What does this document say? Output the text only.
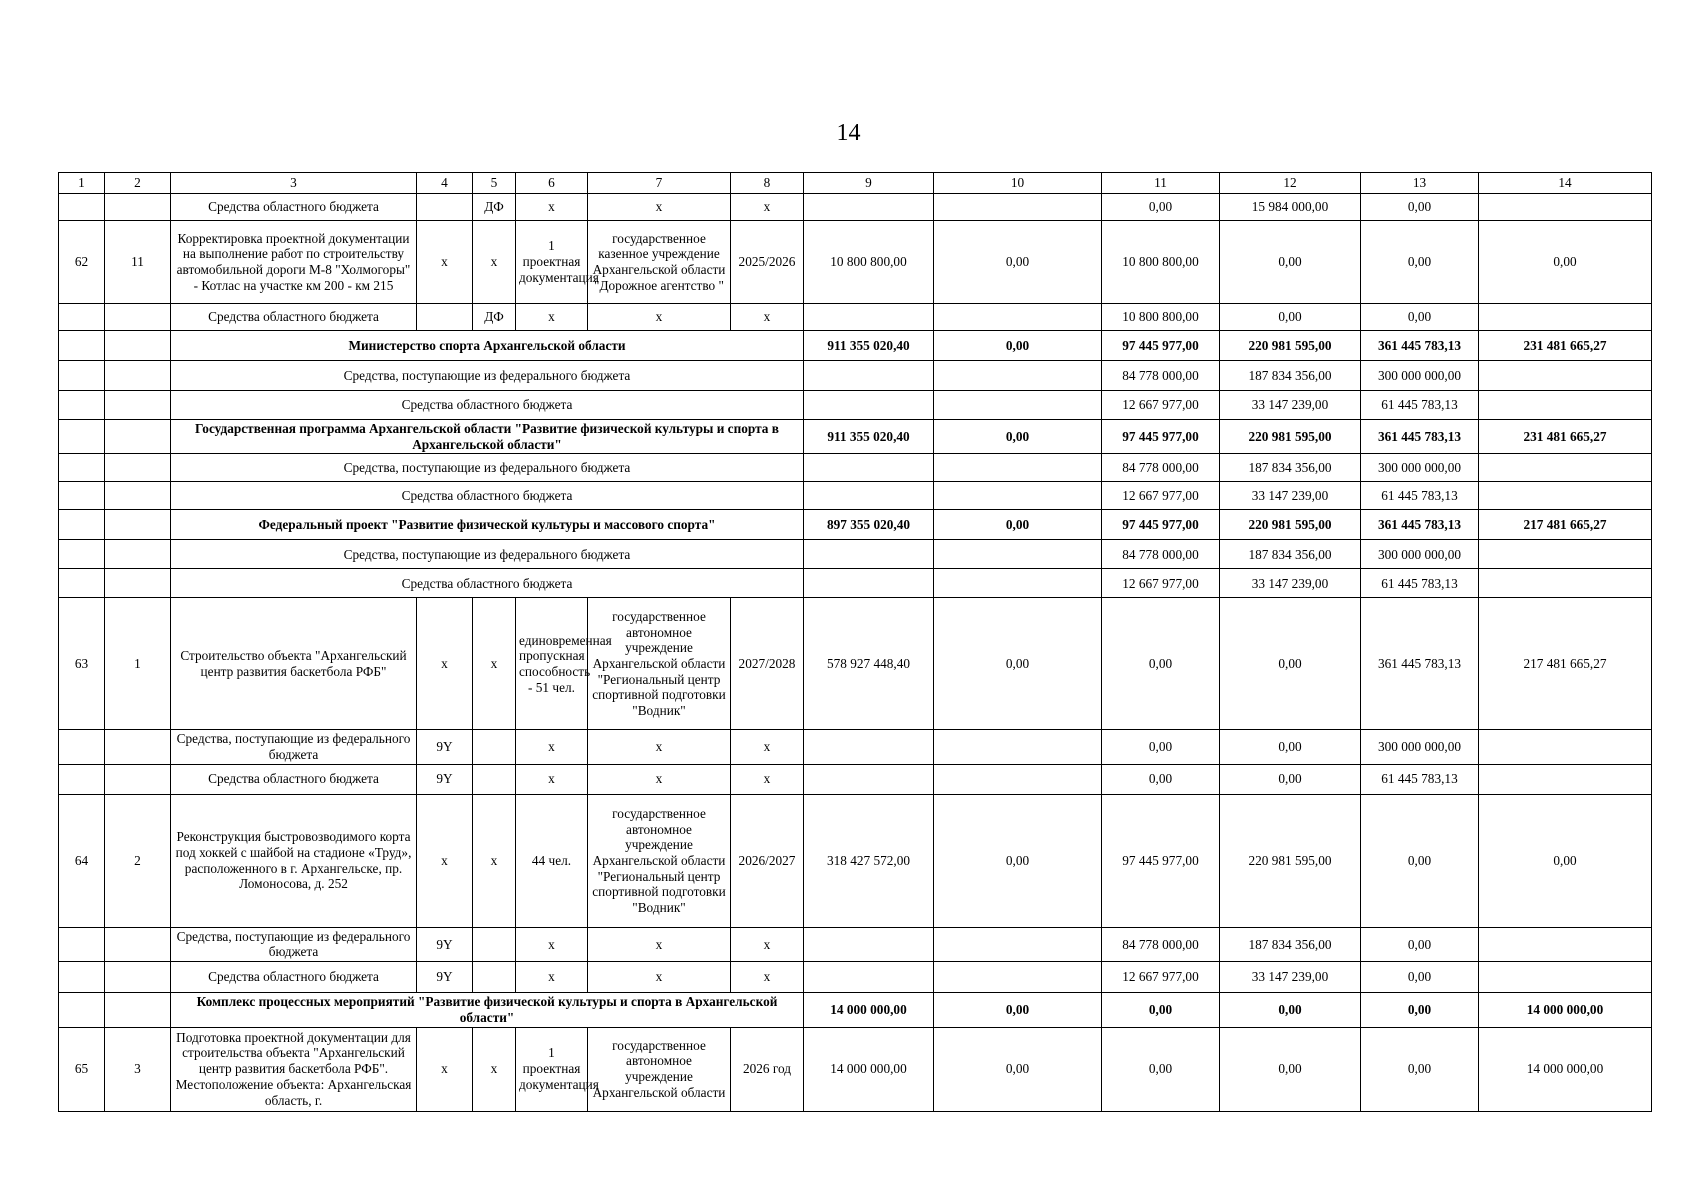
14
1	2	3	4	5	6	7	8	9	10	11	12	13	14
		Средства областного бюджета		ДФ	х	х	х			0,00	15 984 000,00	0,00	
62	11	Корректировка проектной документации на выполнение работ по строительству автомобильной дороги М-8 "Холмогоры" - Котлас на участке км 200 - км 215	х	х	1 проектная документация	государственное казенное учреждение Архангельской области "Дорожное агентство "	2025/2026	10 800 800,00	0,00	10 800 800,00	0,00	0,00	0,00
		Средства областного бюджета		ДФ	х	х	х			10 800 800,00	0,00	0,00	
		Министерство спорта Архангельской области						911 355 020,40	0,00	97 445 977,00	220 981 595,00	361 445 783,13	231 481 665,27
		Средства, поступающие из федерального бюджета								84 778 000,00	187 834 356,00	300 000 000,00	
		Средства областного бюджета								12 667 977,00	33 147 239,00	61 445 783,13	
		Государственная программа Архангельской области "Развитие физической культуры и спорта в Архангельской области"						911 355 020,40	0,00	97 445 977,00	220 981 595,00	361 445 783,13	231 481 665,27
		Средства, поступающие из федерального бюджета								84 778 000,00	187 834 356,00	300 000 000,00	
		Средства областного бюджета								12 667 977,00	33 147 239,00	61 445 783,13	
		Федеральный проект "Развитие физической культуры и массового спорта"						897 355 020,40	0,00	97 445 977,00	220 981 595,00	361 445 783,13	217 481 665,27
		Средства, поступающие из федерального бюджета								84 778 000,00	187 834 356,00	300 000 000,00	
		Средства областного бюджета								12 667 977,00	33 147 239,00	61 445 783,13	
63	1	Строительство объекта "Архангельский центр развития баскетбола РФБ"	х	х	единовременная пропускная способность - 51 чел.	государственное автономное учреждение Архангельской области "Региональный центр спортивной подготовки "Водник"	2027/2028	578 927 448,40	0,00	0,00	0,00	361 445 783,13	217 481 665,27
		Средства, поступающие из федерального бюджета	9Y		х	х	х			0,00	0,00	300 000 000,00	
		Средства областного бюджета	9Y		х	х	х			0,00	0,00	61 445 783,13	
64	2	Реконструкция быстровозводимого корта под хоккей с шайбой на стадионе «Труд», расположенного в г. Архангельске, пр. Ломоносова, д. 252	х	х	44 чел.	государственное автономное учреждение Архангельской области "Региональный центр спортивной подготовки "Водник"	2026/2027	318 427 572,00	0,00	97 445 977,00	220 981 595,00	0,00	0,00
		Средства, поступающие из федерального бюджета	9Y		х	х	х			84 778 000,00	187 834 356,00	0,00	
		Средства областного бюджета	9Y		х	х	х			12 667 977,00	33 147 239,00	0,00	
		Комплекс процессных мероприятий "Развитие физической культуры и спорта в Архангельской области"						14 000 000,00	0,00	0,00	0,00	0,00	14 000 000,00
65	3	Подготовка проектной документации для строительства объекта "Архангельский центр развития баскетбола РФБ". Местоположение объекта: Архангельская область, г.	х	х	1 проектная документация	государственное автономное учреждение Архангельской области	2026 год	14 000 000,00	0,00	0,00	0,00	0,00	14 000 000,00
